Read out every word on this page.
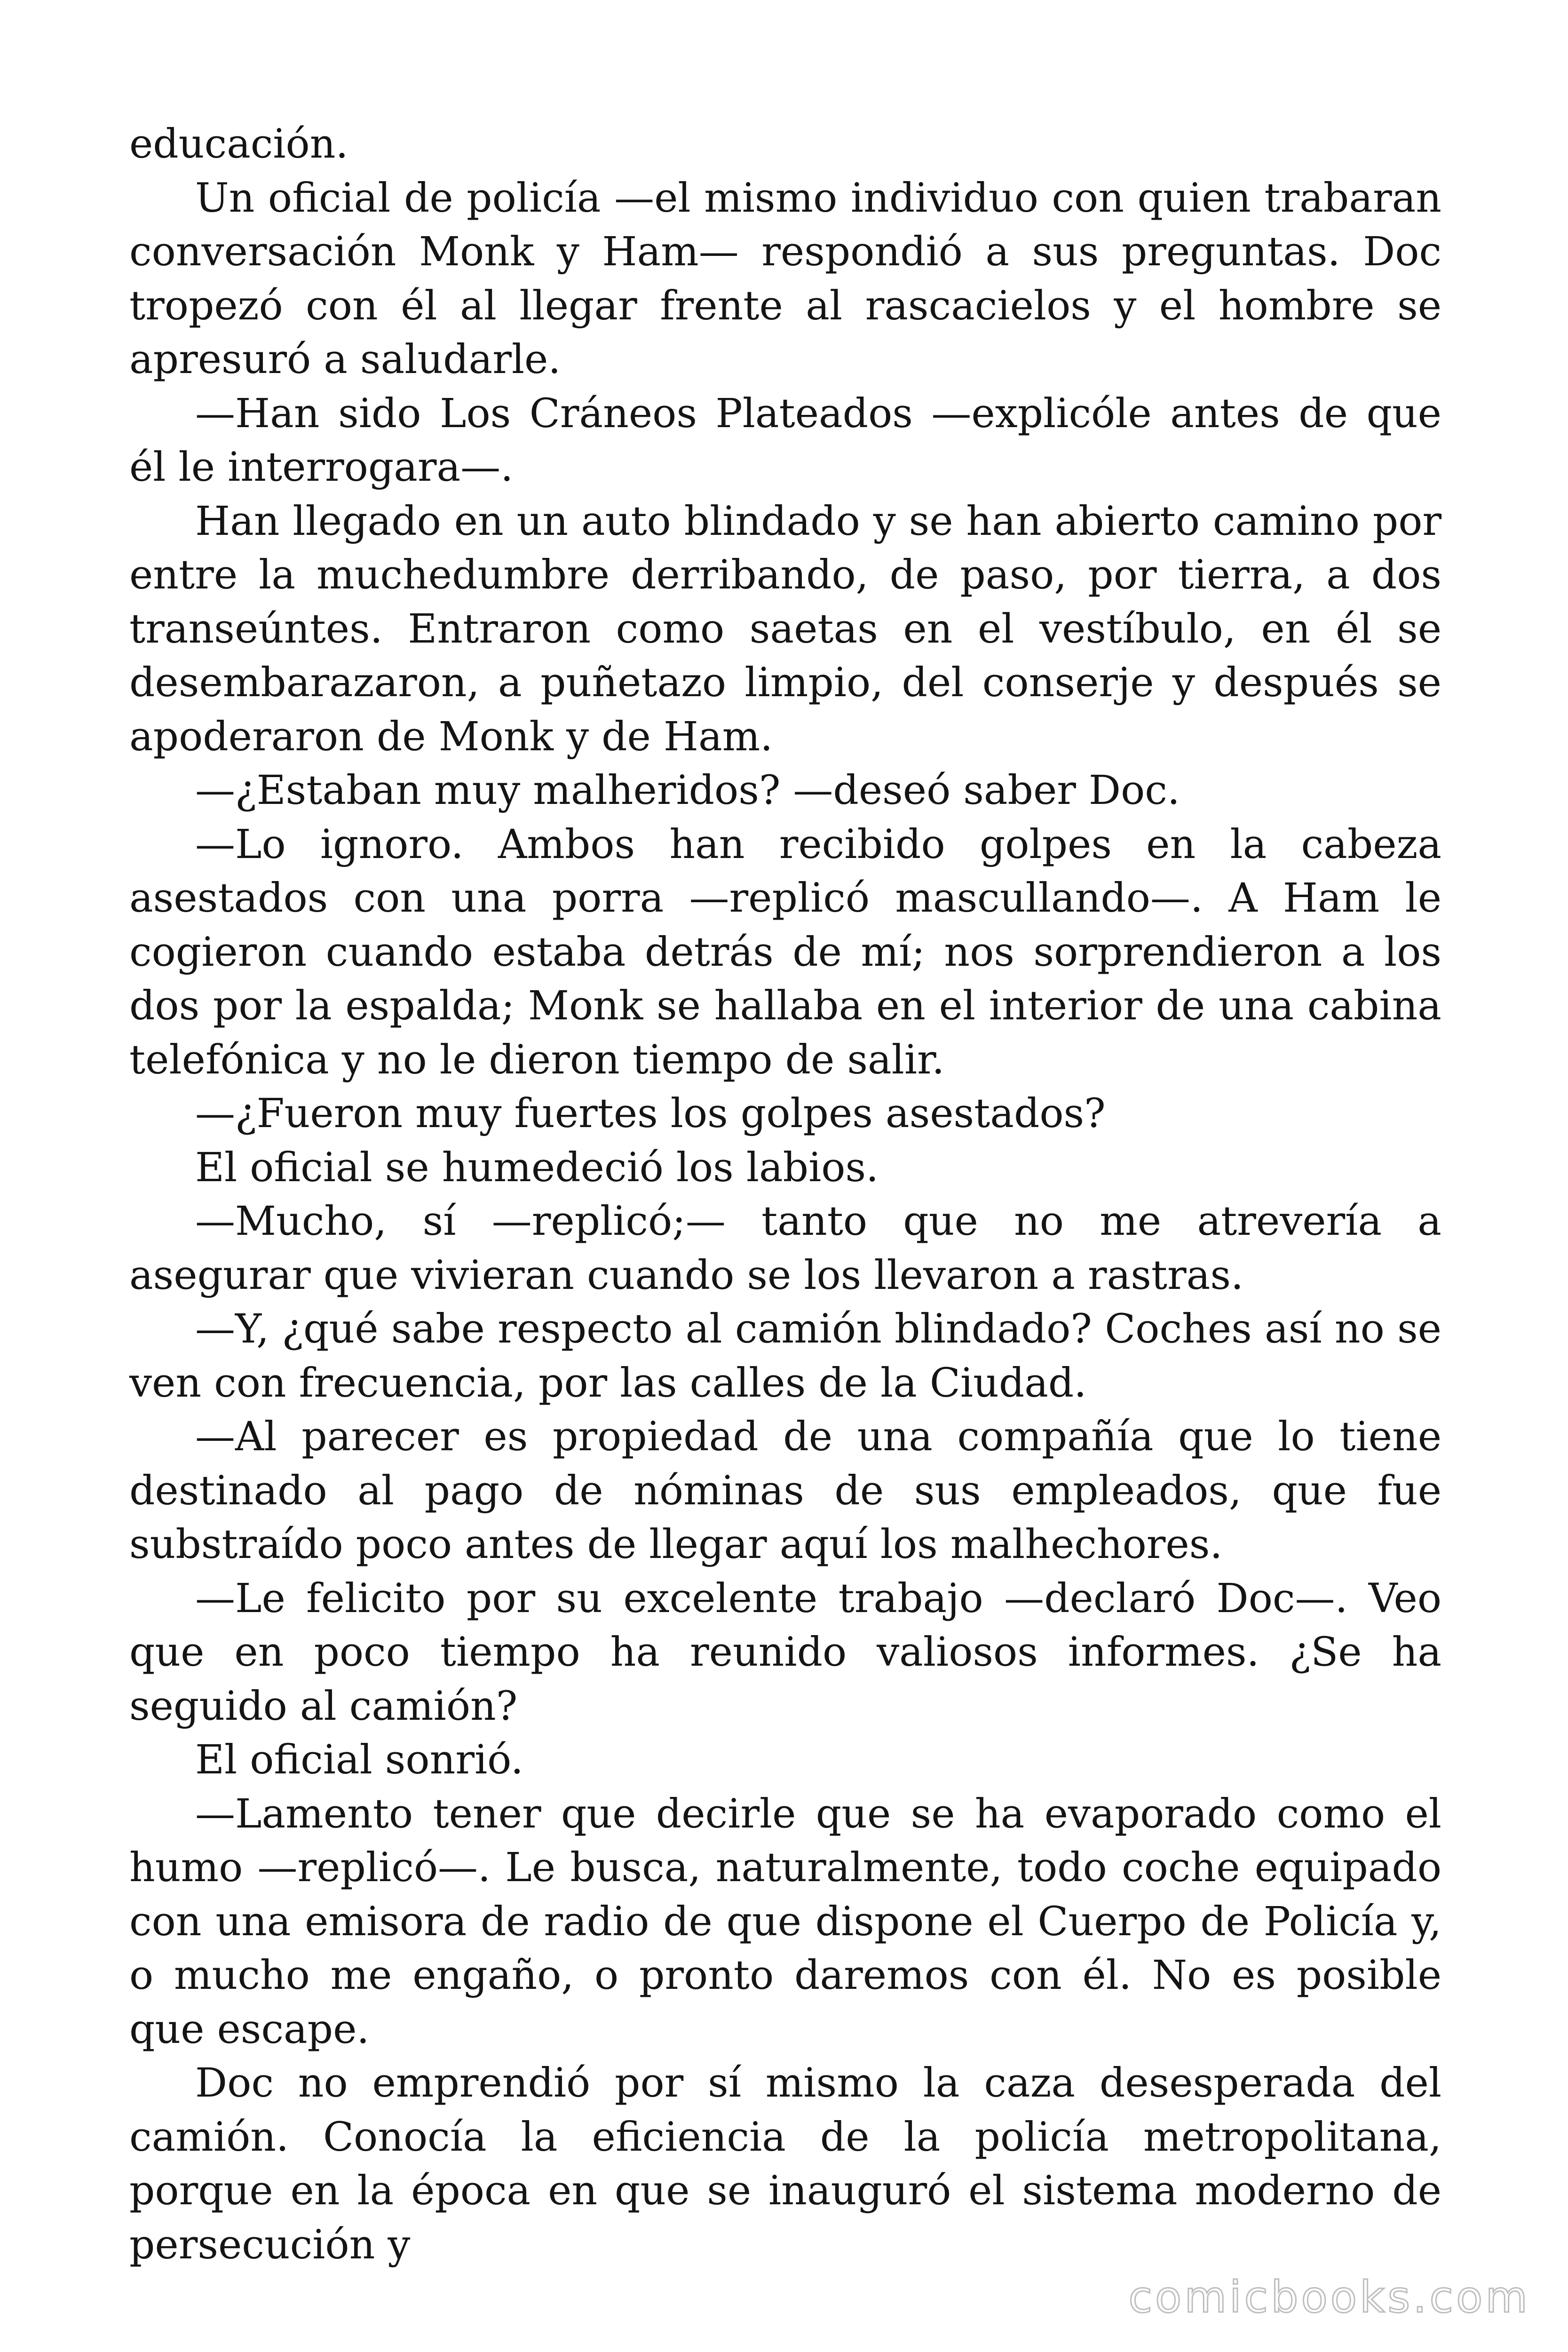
educación.

Un oficial de policía —el mismo individuo con quien trabaran conversación Monk y Ham— respondió a sus preguntas. Doc tropezó con él al llegar frente al rascacielos y el hombre se apresuró a saludarle.

—Han sido Los Cráneos Plateados —explicóle antes de que él le interrogara—.

Han llegado en un auto blindado y se han abierto camino por entre la muchedumbre derribando, de paso, por tierra, a dos transeúntes. Entraron como saetas en el vestíbulo, en él se desembarazaron, a puñetazo limpio, del conserje y después se apoderaron de Monk y de Ham.

—¿Estaban muy malheridos? —deseó saber Doc.

—Lo ignoro. Ambos han recibido golpes en la cabeza asestados con una porra —replicó mascullando—. A Ham le cogieron cuando estaba detrás de mí; nos sorprendieron a los dos por la espalda; Monk se hallaba en el interior de una cabina telefónica y no le dieron tiempo de salir.

—¿Fueron muy fuertes los golpes asestados?

El oficial se humedeció los labios.

—Mucho, sí —replicó;— tanto que no me atrevería a asegurar que vivieran cuando se los llevaron a rastras.

—Y, ¿qué sabe respecto al camión blindado? Coches así no se ven con frecuencia, por las calles de la Ciudad.

—Al parecer es propiedad de una compañía que lo tiene destinado al pago de nóminas de sus empleados, que fue substraído poco antes de llegar aquí los malhechores.

—Le felicito por su excelente trabajo —declaró Doc—. Veo que en poco tiempo ha reunido valiosos informes. ¿Se ha seguido al camión?

El oficial sonrió.

—Lamento tener que decirle que se ha evaporado como el humo —replicó—. Le busca, naturalmente, todo coche equipado con una emisora de radio de que dispone el Cuerpo de Policía y, o mucho me engaño, o pronto daremos con él. No es posible que escape.

Doc no emprendió por sí mismo la caza desesperada del camión. Conocía la eficiencia de la policía metropolitana, porque en la época en que se inauguró el sistema moderno de persecución y

comicbooks.com
